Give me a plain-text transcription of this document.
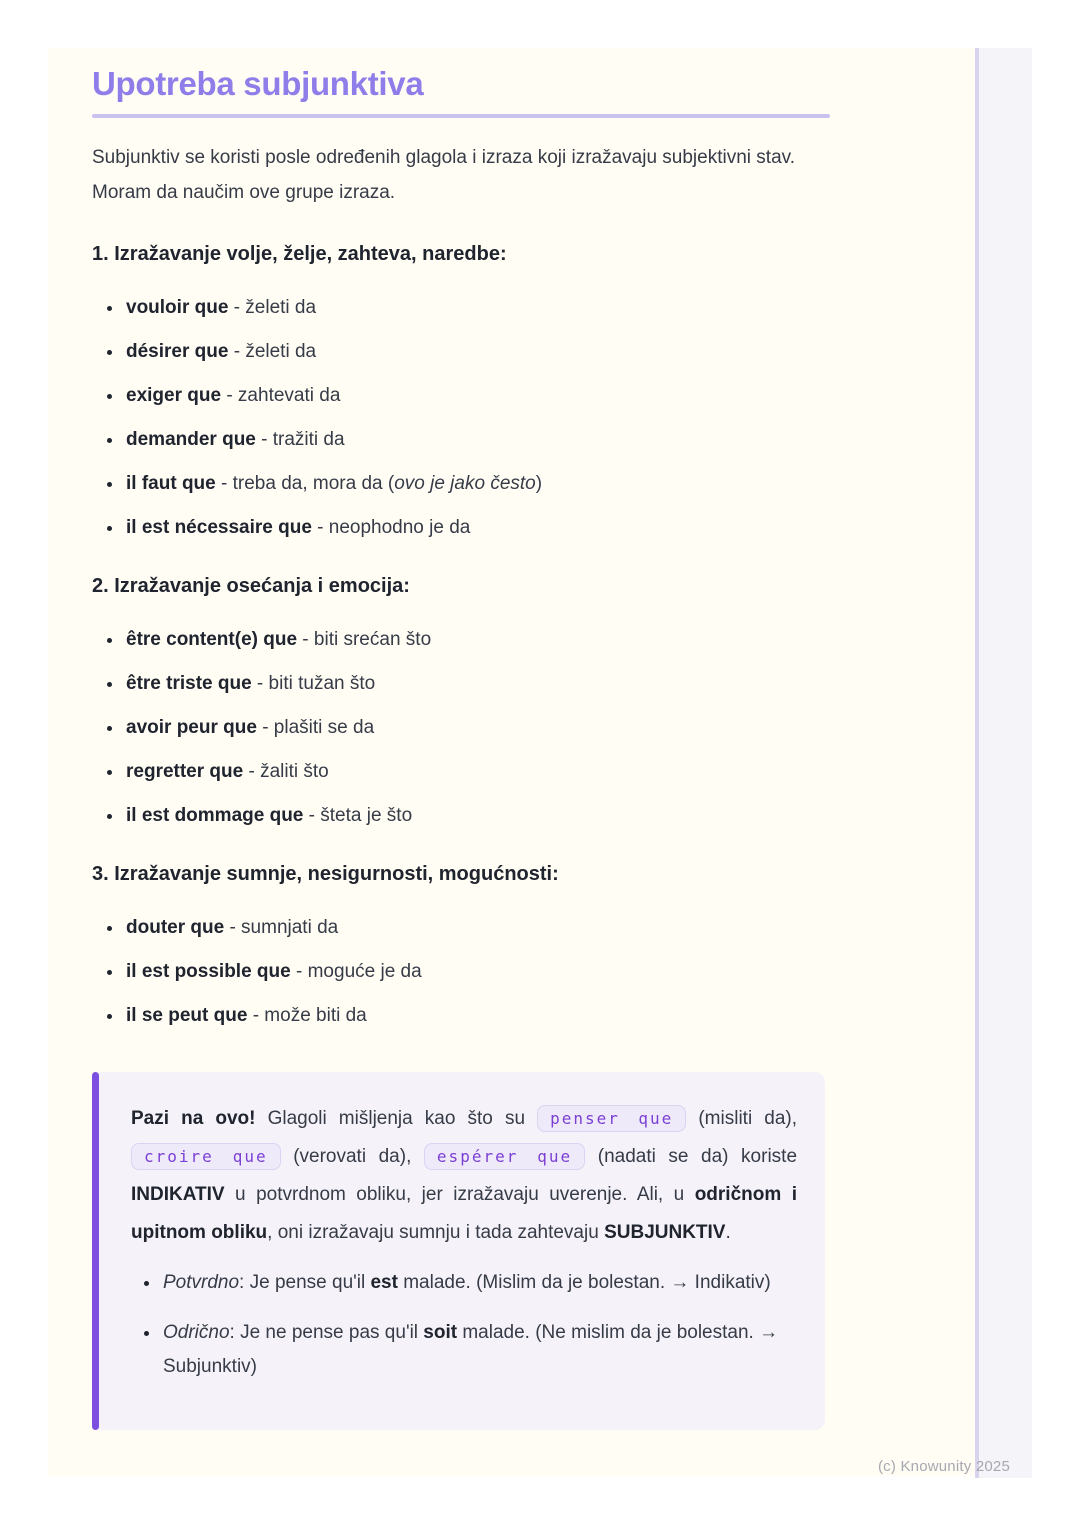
Upotreba subjunktiva

Subjunktiv se koristi posle određenih glagola i izraza koji izražavaju subjektivni stav. Moram da naučim ove grupe izraza.

1. Izražavanje volje, želje, zahteva, naredbe:
• vouloir que - želeti da
• désirer que - želeti da
• exiger que - zahtevati da
• demander que - tražiti da
• il faut que - treba da, mora da (ovo je jako često)
• il est nécessaire que - neophodno je da
2. Izražavanje osećanja i emocija:
• être content(e) que - biti srećan što
• être triste que - biti tužan što
• avoir peur que - plašiti se da
• regretter que - žaliti što
• il est dommage que - šteta je što
3. Izražavanje sumnje, nesigurnosti, mogućnosti:
• douter que - sumnjati da
• il est possible que - moguće je da
• il se peut que - može biti da

Pazi na ovo! Glagoli mišljenja kao što su penser que (misliti da), croire que (verovati da), espérer que (nadati se da) koriste INDIKATIV u potvrdnom obliku, jer izražavaju uverenje. Ali, u odričnom i upitnom obliku, oni izražavaju sumnju i tada zahtevaju SUBJUNKTIV.

• Potvrdno: Je pense qu'il est malade. (Mislim da je bolestan. → Indikativ)
• Odrično: Je ne pense pas qu'il soit malade. (Ne mislim da je bolestan. → Subjunktiv)
(c) Knowunity 2025
